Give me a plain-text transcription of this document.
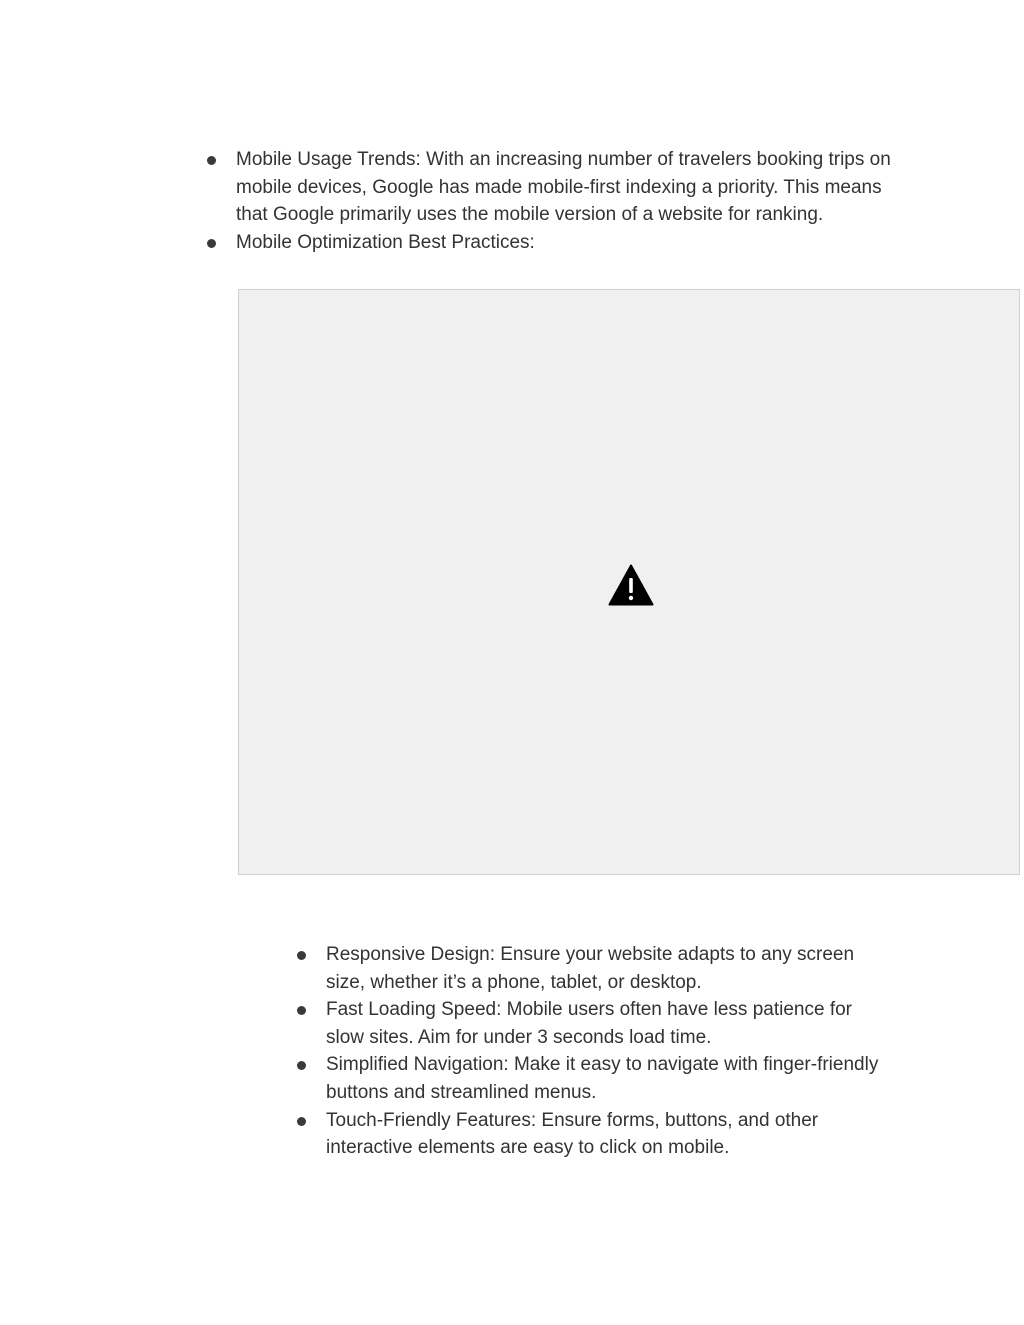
Mobile Usage Trends: With an increasing number of travelers booking trips on mobile devices, Google has made mobile-first indexing a priority. This means that Google primarily uses the mobile version of a website for ranking.
Mobile Optimization Best Practices:
Responsive Design: Ensure your website adapts to any screen size, whether it’s a phone, tablet, or desktop.
Fast Loading Speed: Mobile users often have less patience for slow sites. Aim for under 3 seconds load time.
Simplified Navigation: Make it easy to navigate with finger-friendly buttons and streamlined menus.
Touch-Friendly Features: Ensure forms, buttons, and other interactive elements are easy to click on mobile.
